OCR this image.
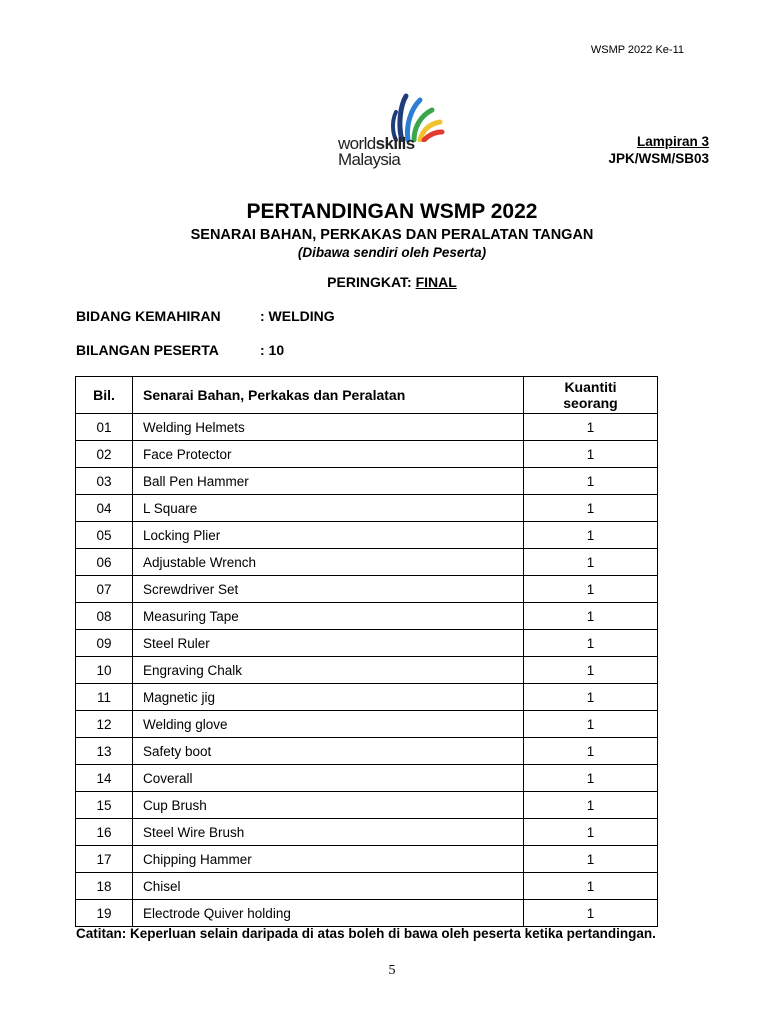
WSMP 2022 Ke-11
worldskills
Malaysia
Lampiran 3
JPK/WSM/SB03
PERTANDINGAN WSMP 2022
SENARAI BAHAN, PERKAKAS DAN PERALATAN TANGAN
(Dibawa sendiri oleh Peserta)
PERINGKAT: FINAL
BIDANG KEMAHIRAN	: WELDING
BILANGAN PESERTA	: 10
Bil.	Senarai Bahan, Perkakas dan Peralatan	Kuantiti
seorang
01	Welding Helmets	1
02	Face Protector	1
03	Ball Pen Hammer	1
04	L Square	1
05	Locking Plier	1
06	Adjustable Wrench	1
07	Screwdriver Set	1
08	Measuring Tape	1
09	Steel Ruler	1
10	Engraving Chalk	1
11	Magnetic jig	1
12	Welding glove	1
13	Safety boot	1
14	Coverall	1
15	Cup Brush	1
16	Steel Wire Brush	1
17	Chipping Hammer	1
18	Chisel	1
19	Electrode Quiver holding	1
Catitan: Keperluan selain daripada di atas boleh di bawa oleh peserta ketika pertandingan.
5
